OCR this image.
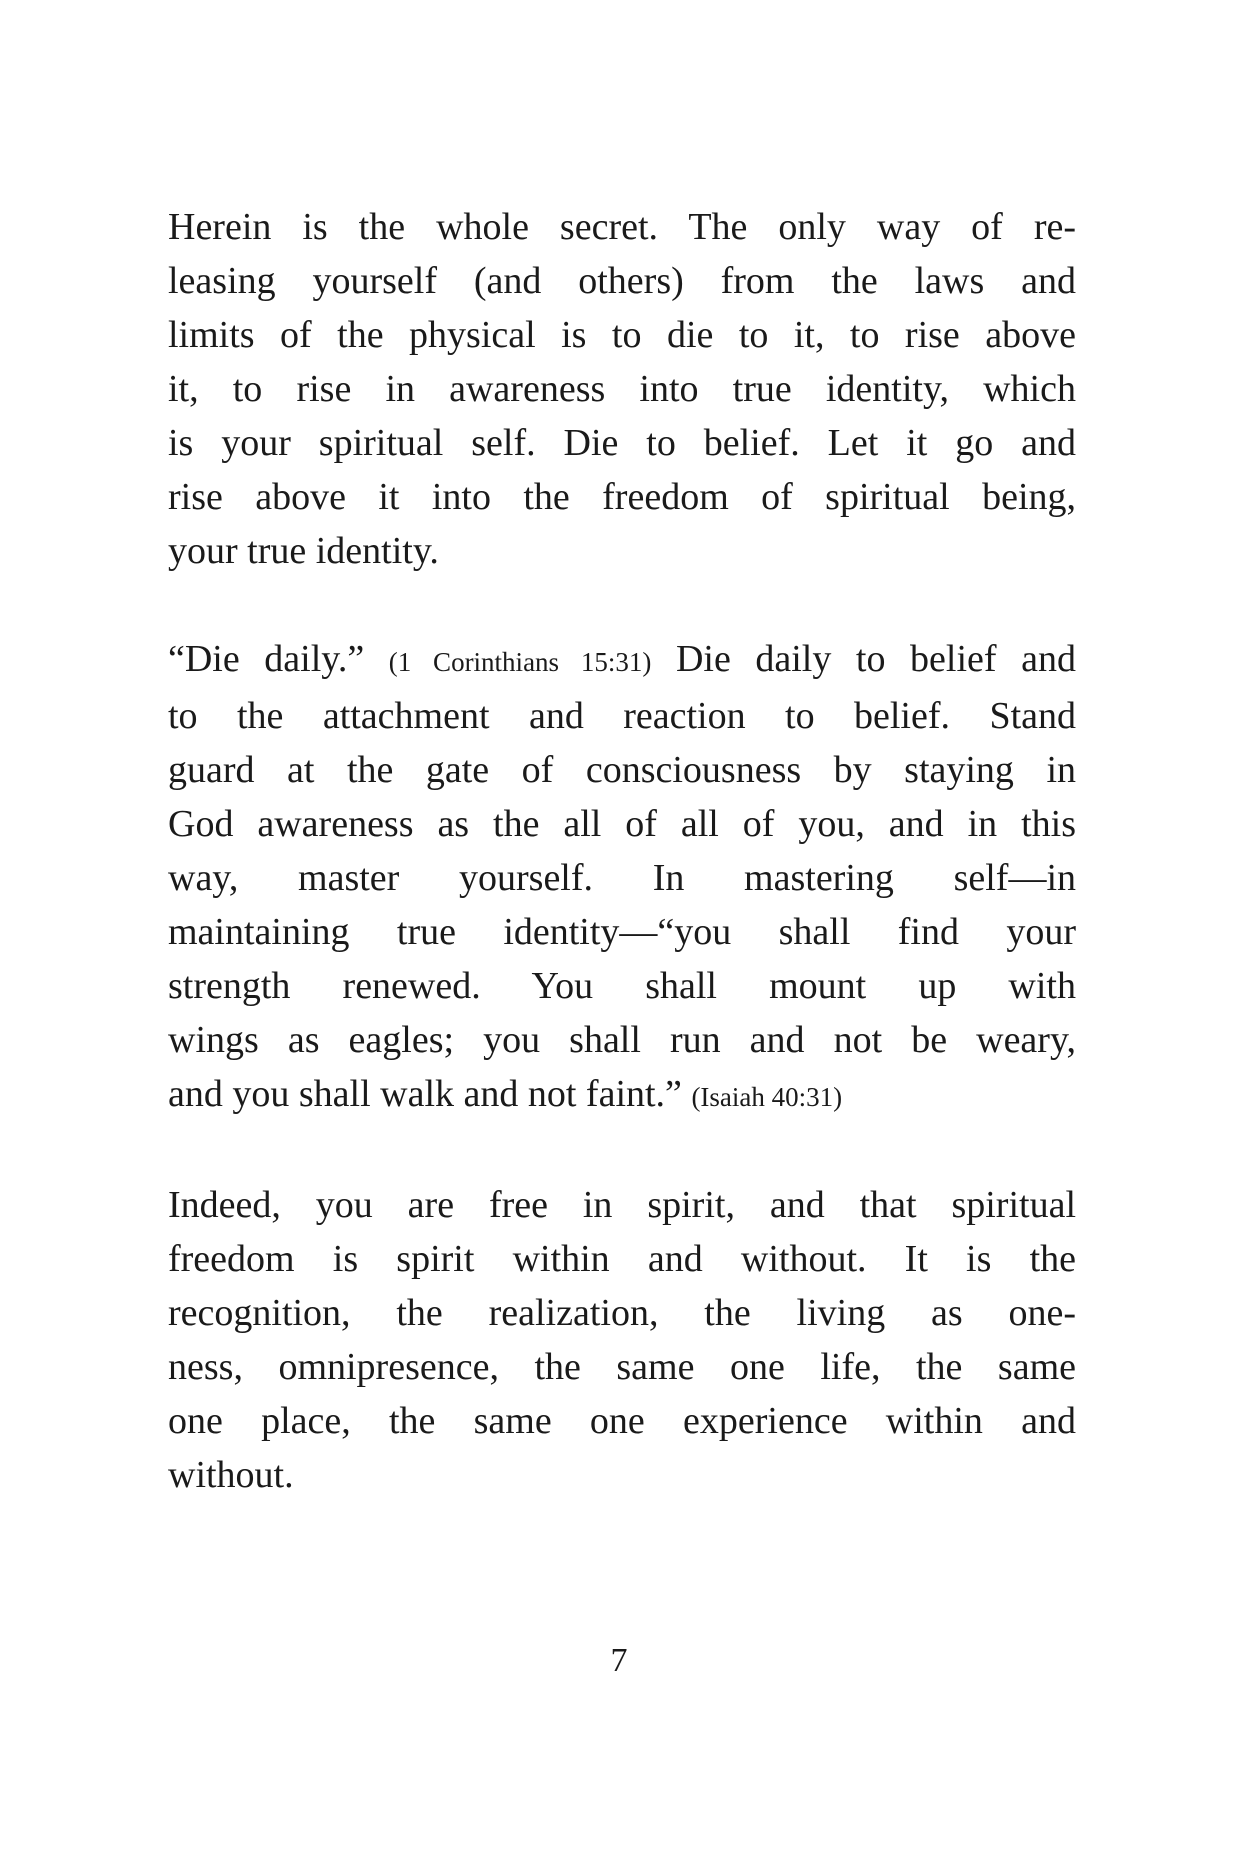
Herein is the whole secret. The only way of re-
leasing yourself (and others) from the laws and
limits of the physical is to die to it, to rise above
it, to rise in awareness into true identity, which
is your spiritual self. Die to belief. Let it go and
rise above it into the freedom of spiritual being,
your true identity.
“Die daily.” (1 Corinthians 15:31) Die daily to belief and
to the attachment and reaction to belief. Stand
guard at the gate of consciousness by staying in
God awareness as the all of all of you, and in this
way, master yourself. In mastering self—in
maintaining true identity—“you shall find your
strength renewed. You shall mount up with
wings as eagles; you shall run and not be weary,
and you shall walk and not faint.” (Isaiah 40:31)
Indeed, you are free in spirit, and that spiritual
freedom is spirit within and without. It is the
recognition, the realization, the living as one-
ness, omnipresence, the same one life, the same
one place, the same one experience within and
without.
7
